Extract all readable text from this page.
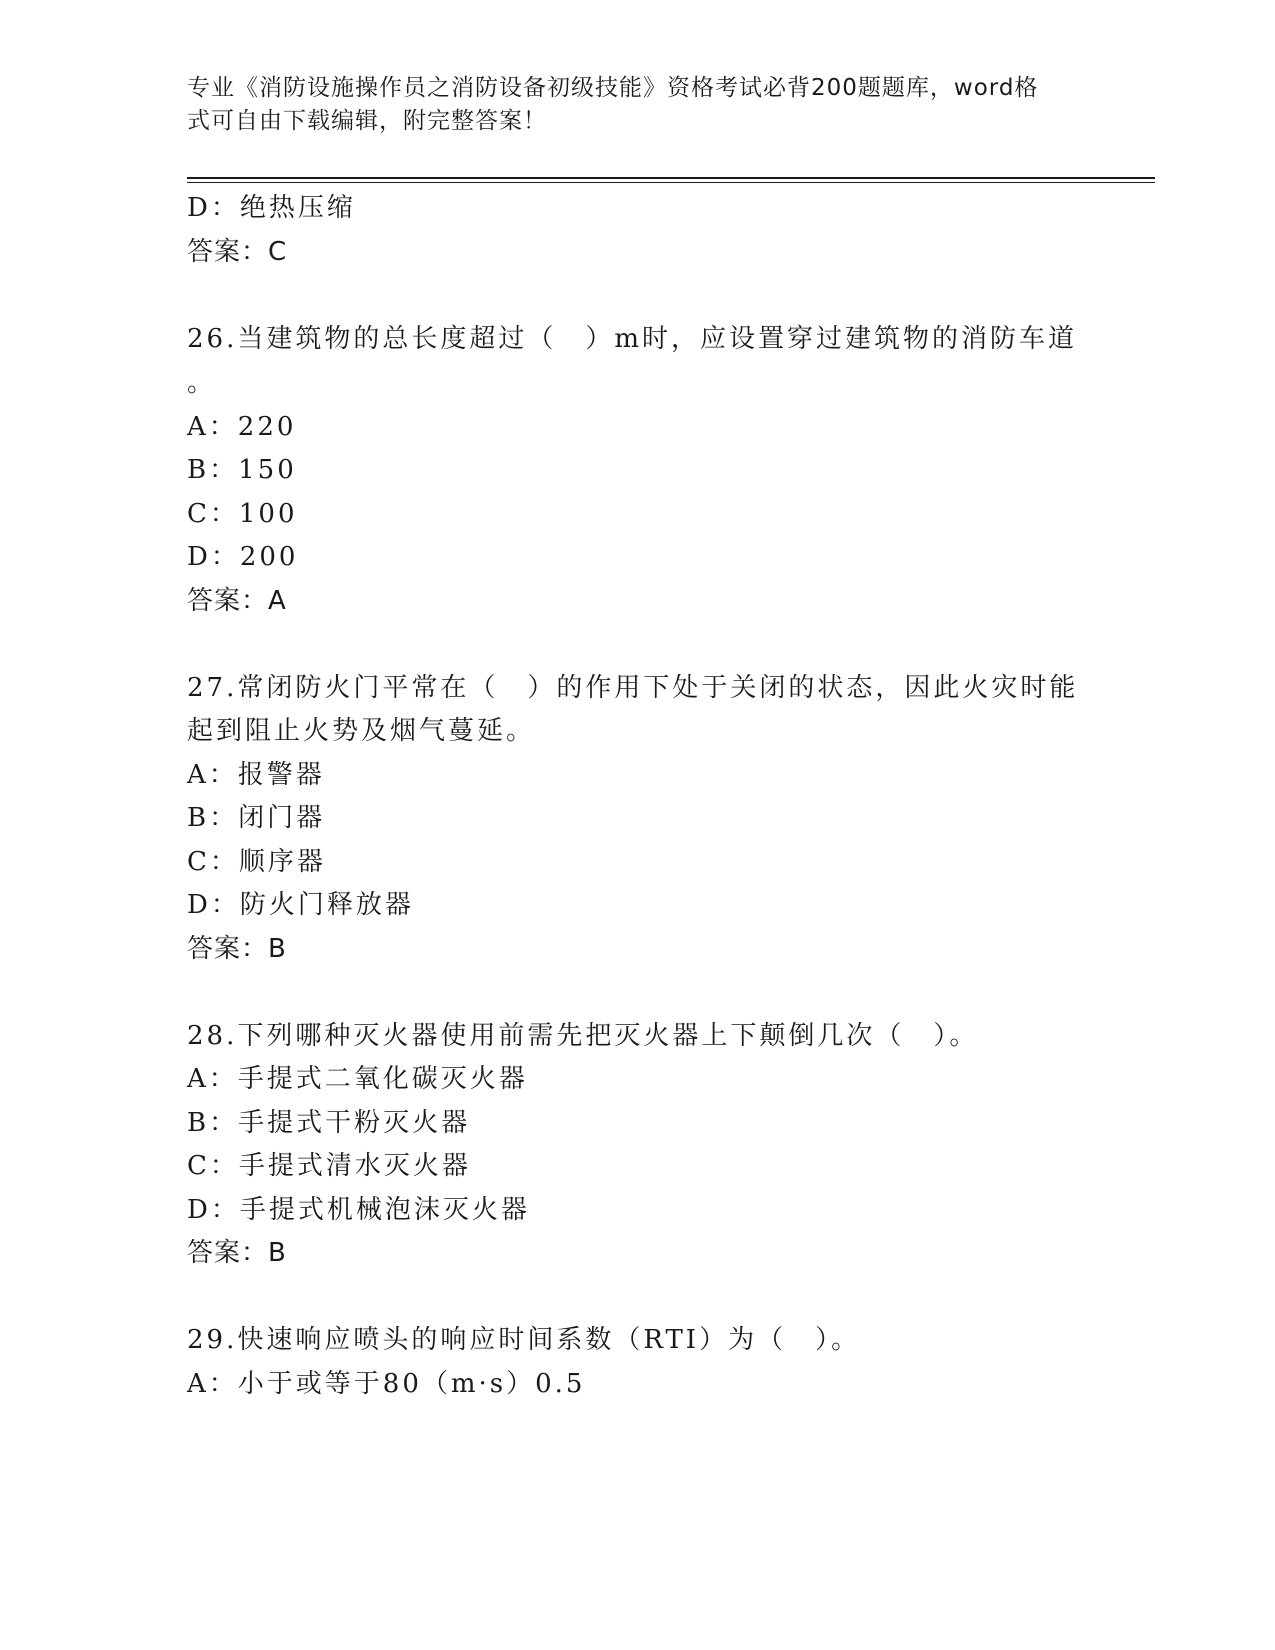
专业《消防设施操作员之消防设备初级技能》资格考试必背200题题库，word格
式可自由下载编辑，附完整答案！
D：绝热压缩
答案：C
26.当建筑物的总长度超过（　）m时，应设置穿过建筑物的消防车道
。
A：220
B：150
C：100
D：200
答案：A
27.常闭防火门平常在（　）的作用下处于关闭的状态，因此火灾时能
起到阻止火势及烟气蔓延。
A：报警器
B：闭门器
C：顺序器
D：防火门释放器
答案：B
28.下列哪种灭火器使用前需先把灭火器上下颠倒几次（　）。
A：手提式二氧化碳灭火器
B：手提式干粉灭火器
C：手提式清水灭火器
D：手提式机械泡沫灭火器
答案：B
29.快速响应喷头的响应时间系数（RTI）为（　）。
A：小于或等于80（m·s）0.5
